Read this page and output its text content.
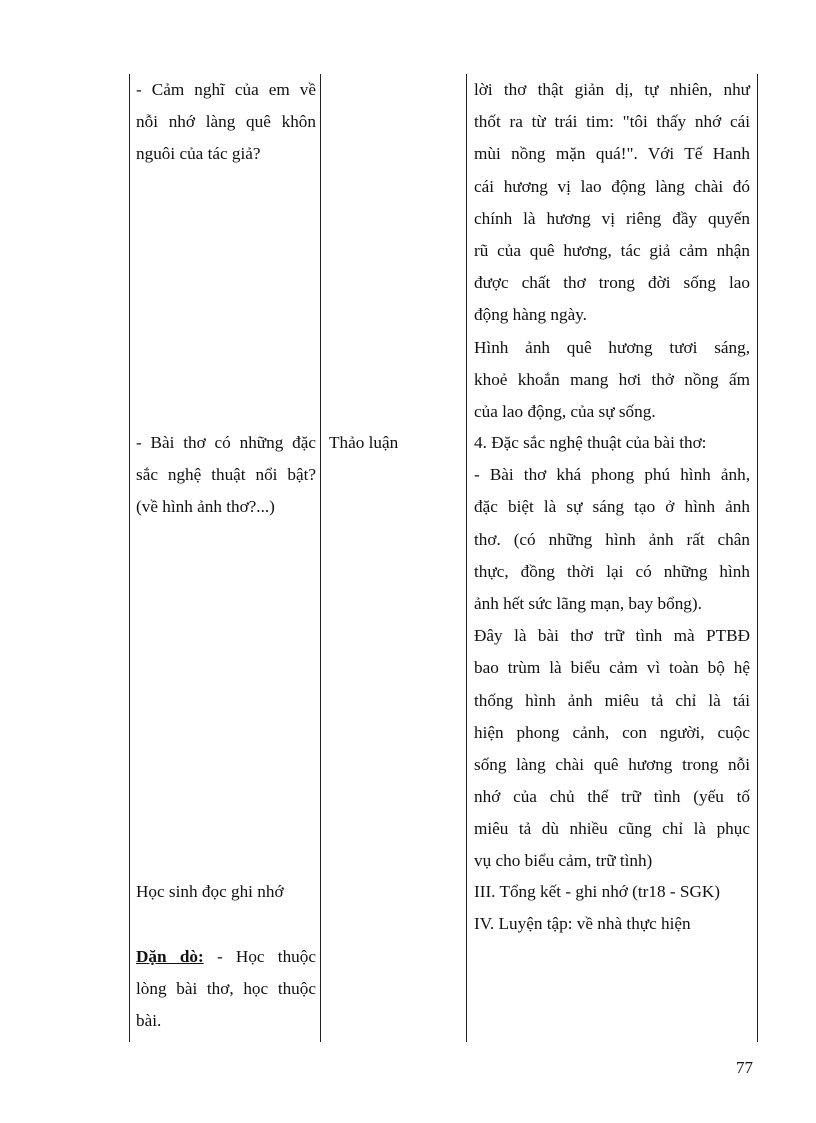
- Cảm nghĩ của em về
nỗi nhớ làng quê khôn
nguôi của tác giả?
- Bài thơ có những đặc
sắc nghệ thuật nổi bật?
(về hình ảnh thơ?...)
Học sinh đọc ghi nhớ
Dặn dò: - Học thuộc
lòng bài thơ, học thuộc
bài.
Thảo luận
lời thơ thật giản dị, tự nhiên, như
thốt ra từ trái tim: "tôi thấy nhớ cái
mùi nồng mặn quá!". Với Tế Hanh
cái hương vị lao động làng chài đó
chính là hương vị riêng đầy quyến
rũ của quê hương, tác giả cảm nhận
được chất thơ trong đời sống lao
động hàng ngày.
Hình ảnh quê hương tươi sáng,
khoẻ khoắn mang hơi thở nồng ấm
của lao động, của sự sống.
4. Đặc sắc nghệ thuật của bài thơ:
- Bài thơ khá phong phú hình ảnh,
đặc biệt là sự sáng tạo ở hình ảnh
thơ. (có những hình ảnh rất chân
thực, đồng thời lại có những hình
ảnh hết sức lãng mạn, bay bổng).
Đây là bài thơ trữ tình mà PTBĐ
bao trùm là biểu cảm vì toàn bộ hệ
thống hình ảnh miêu tả chỉ là tái
hiện phong cảnh, con người, cuộc
sống làng chài quê hương trong nỗi
nhớ của chủ thể trữ tình (yếu tố
miêu tả dù nhiều cũng chỉ là phục
vụ cho biểu cảm, trữ tình)
III. Tổng kết - ghi nhớ (tr18 - SGK)
IV. Luyện tập: về nhà thực hiện
77
